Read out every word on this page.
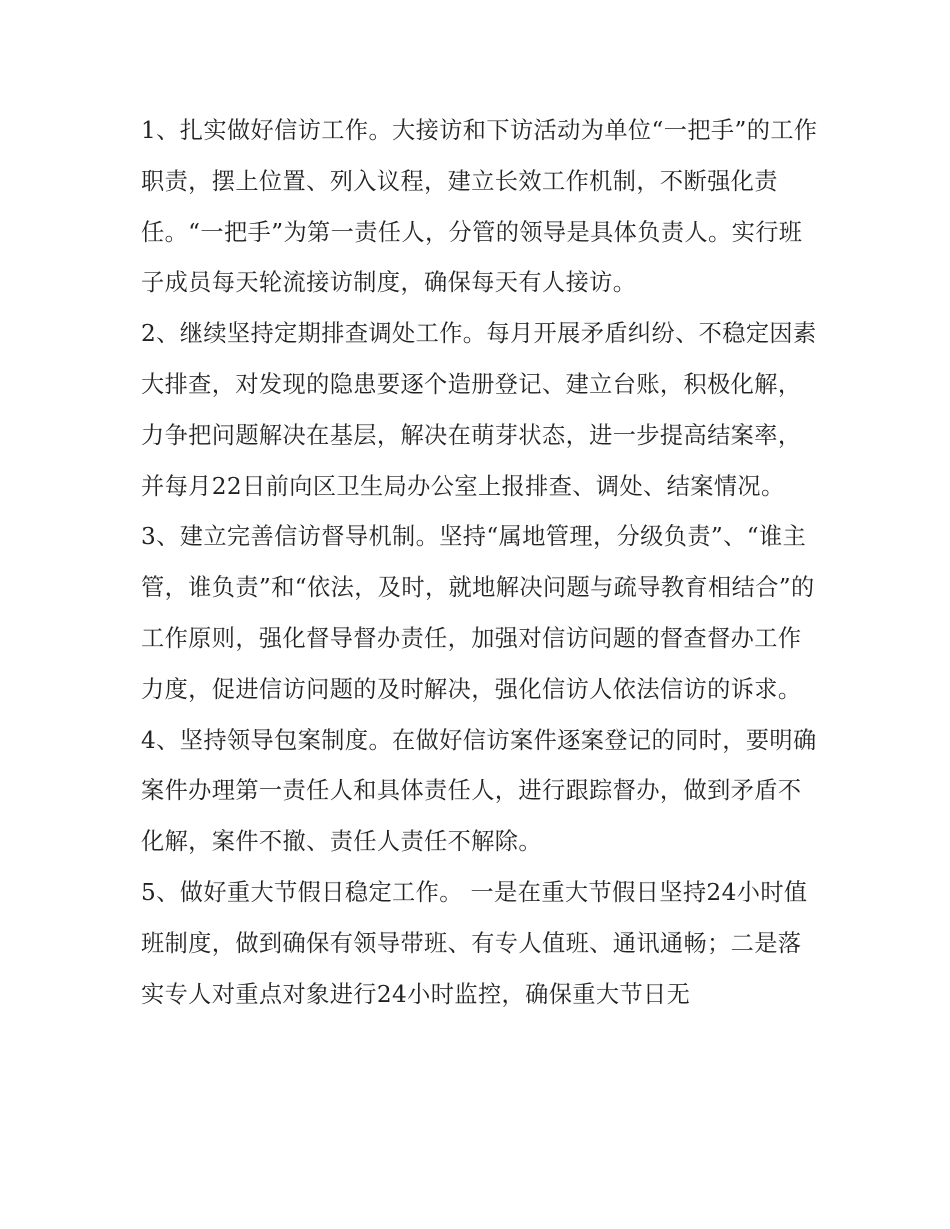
1、扎实做好信访工作。大接访和下访活动为单位“一把手”的工作职责，摆上位置、列入议程，建立长效工作机制，不断强化责任。“一把手”为第一责任人，分管的领导是具体负责人。实行班子成员每天轮流接访制度，确保每天有人接访。

2、继续坚持定期排查调处工作。每月开展矛盾纠纷、不稳定因素大排查，对发现的隐患要逐个造册登记、建立台账，积极化解，力争把问题解决在基层，解决在萌芽状态，进一步提高结案率，并每月22日前向区卫生局办公室上报排查、调处、结案情况。

3、建立完善信访督导机制。坚持“属地管理，分级负责”、“谁主管，谁负责”和“依法，及时，就地解决问题与疏导教育相结合”的工作原则，强化督导督办责任，加强对信访问题的督查督办工作力度，促进信访问题的及时解决，强化信访人依法信访的诉求。

4、坚持领导包案制度。在做好信访案件逐案登记的同时，要明确案件办理第一责任人和具体责任人，进行跟踪督办，做到矛盾不化解，案件不撤、责任人责任不解除。

5、做好重大节假日稳定工作。 一是在重大节假日坚持24小时值班制度，做到确保有领导带班、有专人值班、通讯通畅；二是落实专人对重点对象进行24小时监控，确保重大节日无
